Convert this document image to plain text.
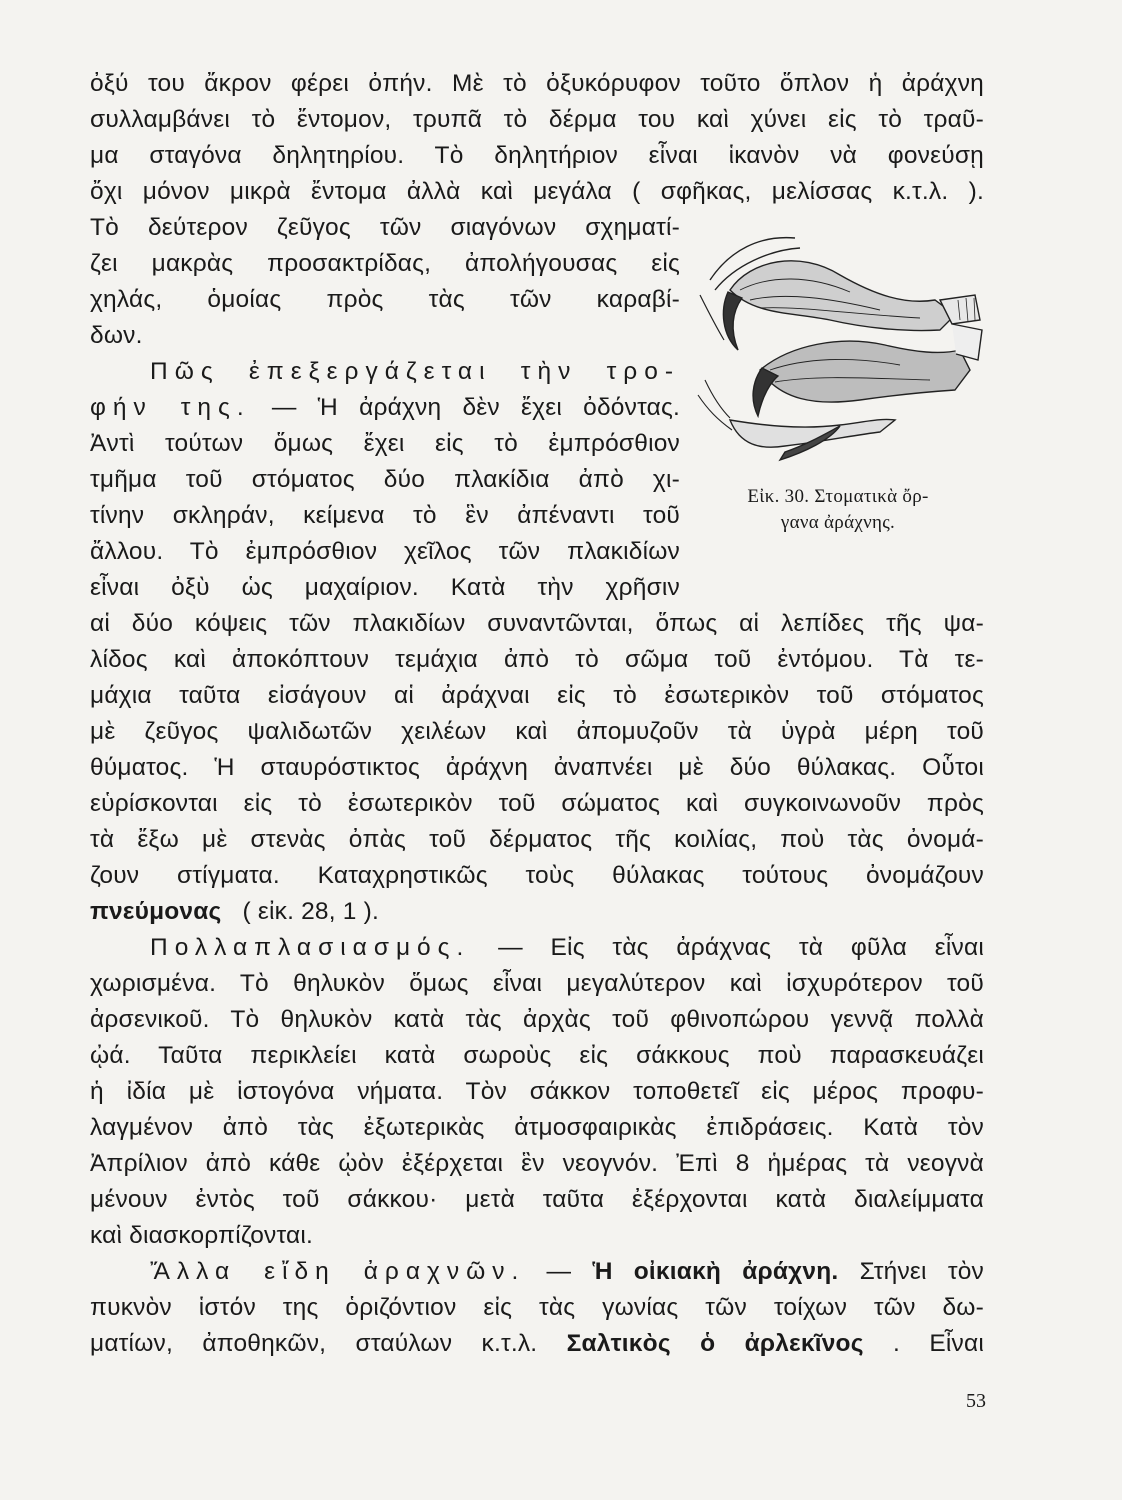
ὀξύ του ἄκρον φέρει ὀπήν. Μὲ τὸ ὀξυκόρυφον τοῦτο ὅπλον ἡ ἀράχνη
συλλαμβάνει τὸ ἔντομον, τρυπᾶ τὸ δέρμα του καὶ χύνει εἰς τὸ τραῦ-
μα σταγόνα δηλητηρίου. Τὸ δηλητήριον εἶναι ἱκανὸν νὰ φονεύσῃ
ὄχι μόνον μικρὰ ἔντομα ἀλλὰ καὶ μεγάλα ( σφῆκας, μελίσσας κ.τ.λ. ).
Τὸ δεύτερον ζεῦγος τῶν σιαγόνων σχηματί-
ζει μακρὰς προσακτρίδας, ἀπολήγουσας εἰς
χηλάς, ὁμοίας πρὸς τὰς τῶν καραβί-
δων.
Πῶς ἐπεξεργάζεται τὴν τρο-
φήν της. — Ἡ ἀράχνη δὲν ἔχει ὀδόντας.
Ἀντὶ τούτων ὅμως ἔχει εἰς τὸ ἐμπρόσθιον
τμῆμα τοῦ στόματος δύο πλακίδια ἀπὸ χι-
τίνην σκληράν, κείμενα τὸ ἓν ἀπέναντι τοῦ
ἄλλου. Τὸ ἐμπρόσθιον χεῖλος τῶν πλακιδίων
εἶναι ὀξὺ ὡς μαχαίριον. Κατὰ τὴν χρῆσιν
αἱ δύο κόψεις τῶν πλακιδίων συναντῶνται, ὅπως αἱ λεπίδες τῆς ψα-
λίδος καὶ ἀποκόπτουν τεμάχια ἀπὸ τὸ σῶμα τοῦ ἐντόμου. Τὰ τε-
μάχια ταῦτα εἰσάγουν αἱ ἀράχναι εἰς τὸ ἐσωτερικὸν τοῦ στόματος
μὲ ζεῦγος ψαλιδωτῶν χειλέων καὶ ἀπομυζοῦν τὰ ὑγρὰ μέρη τοῦ
θύματος. Ἡ σταυρόστικτος ἀράχνη ἀναπνέει μὲ δύο θύλακας. Οὗτοι
εὑρίσκονται εἰς τὸ ἐσωτερικὸν τοῦ σώματος καὶ συγκοινωνοῦν πρὸς
τὰ ἔξω μὲ στενὰς ὀπὰς τοῦ δέρματος τῆς κοιλίας, ποὺ τὰς ὀνομά-
ζουν στίγματα. Καταχρηστικῶς τοὺς θύλακας τούτους ὀνομάζουν
πνεύμονας ( εἰκ. 28, 1 ).
Πολλαπλασιασμός. — Εἰς τὰς ἀράχνας τὰ φῦλα εἶναι
χωρισμένα. Τὸ θηλυκὸν ὅμως εἶναι μεγαλύτερον καὶ ἰσχυρότερον τοῦ
ἀρσενικοῦ. Τὸ θηλυκὸν κατὰ τὰς ἀρχὰς τοῦ φθινοπώρου γεννᾷ πολλὰ
ᾠά. Ταῦτα περικλείει κατὰ σωροὺς εἰς σάκκους ποὺ παρασκευάζει
ἡ ἰδία μὲ ἱστογόνα νήματα. Τὸν σάκκον τοποθετεῖ εἰς μέρος προφυ-
λαγμένον ἀπὸ τὰς ἐξωτερικὰς ἀτμοσφαιρικὰς ἐπιδράσεις. Κατὰ τὸν
Ἀπρίλιον ἀπὸ κάθε ᾠὸν ἐξέρχεται ἓν νεογνόν. Ἐπὶ 8 ἡμέρας τὰ νεογνὰ
μένουν ἐντὸς τοῦ σάκκου· μετὰ ταῦτα ἐξέρχονται κατὰ διαλείμματα
καὶ διασκορπίζονται.
Ἄλλα εἴδη ἀραχνῶν. — Ἡ οἰκιακὴ ἀράχνη. Στήνει τὸν
πυκνὸν ἱστόν της ὁριζόντιον εἰς τὰς γωνίας τῶν τοίχων τῶν δω-
ματίων, ἀποθηκῶν, σταύλων κ.τ.λ. Σαλτικὸς ὁ ἀρλεκῖνος . Εἶναι
Εἰκ. 30. Στοματικὰ ὄρ-
γανα ἀράχνης.
53
